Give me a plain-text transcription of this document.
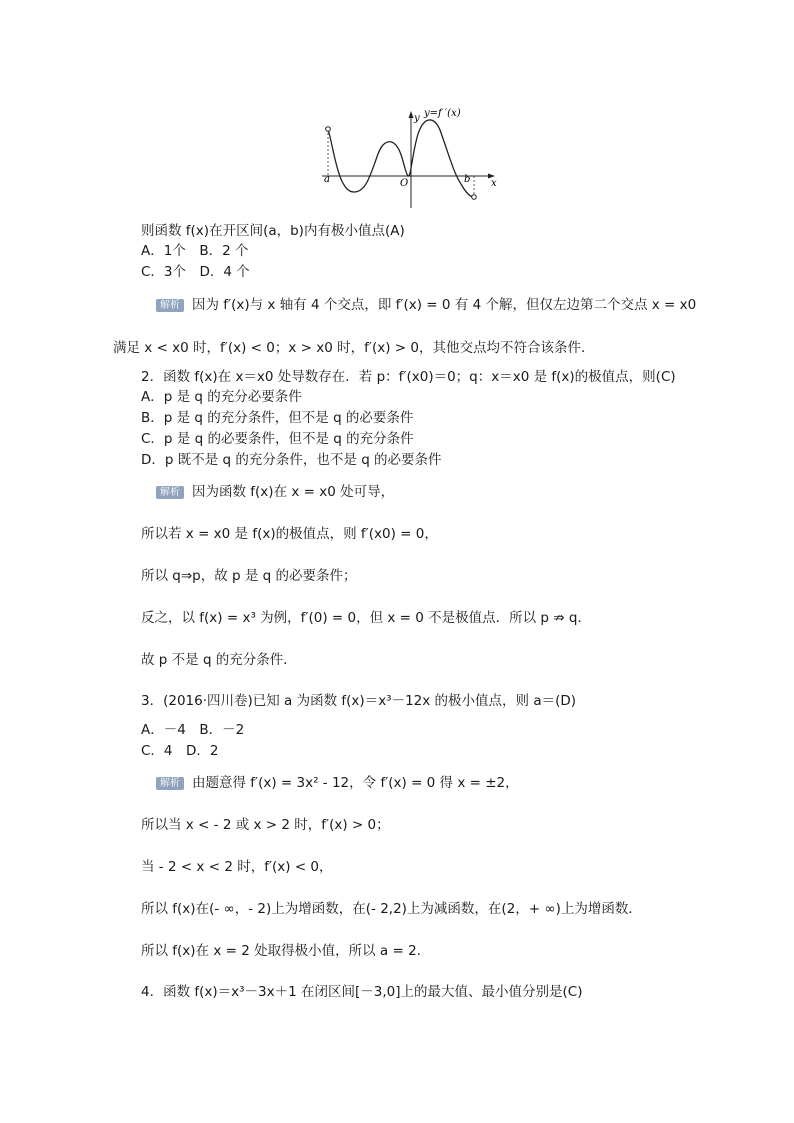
y=f ′(x)
y
x
O
a	b
则函数 f(x)在开区间(a，b)内有极小值点(A)
A．1个　B．2 个
C．3个　D．4 个
解析 因为 f′(x)与 x 轴有 4 个交点，即 f′(x) = 0 有 4 个解，但仅左边第二个交点 x = x0
满足 x < x0 时，f′(x) < 0；x > x0 时，f′(x) > 0，其他交点均不符合该条件．
2．函数 f(x)在 x＝x0 处导数存在．若 p：f′(x0)＝0；q：x＝x0 是 f(x)的极值点，则(C)
A．p 是 q 的充分必要条件
B．p 是 q 的充分条件，但不是 q 的必要条件
C．p 是 q 的必要条件，但不是 q 的充分条件
D．p 既不是 q 的充分条件，也不是 q 的必要条件
解析 因为函数 f(x)在 x = x0 处可导，
所以若 x = x0 是 f(x)的极值点，则 f′(x0) = 0，
所以 q⇒p，故 p 是 q 的必要条件；
反之，以 f(x) = x³ 为例，f′(0) = 0，但 x = 0 不是极值点．所以 p ⇏ q．
故 p 不是 q 的充分条件．
3．(2016·四川卷)已知 a 为函数 f(x)＝x³－12x 的极小值点，则 a＝(D)
A．－4　B．－2
C．4　D．2
解析 由题意得 f′(x) = 3x² - 12，令 f′(x) = 0 得 x = ±2，
所以当 x < - 2 或 x > 2 时，f′(x) > 0；
当 - 2 < x < 2 时，f′(x) < 0，
所以 f(x)在(- ∞，- 2)上为增函数，在(- 2,2)上为减函数，在(2，+ ∞)上为增函数．
所以 f(x)在 x = 2 处取得极小值，所以 a = 2.
4．函数 f(x)＝x³－3x＋1 在闭区间[－3,0]上的最大值、最小值分别是(C)
